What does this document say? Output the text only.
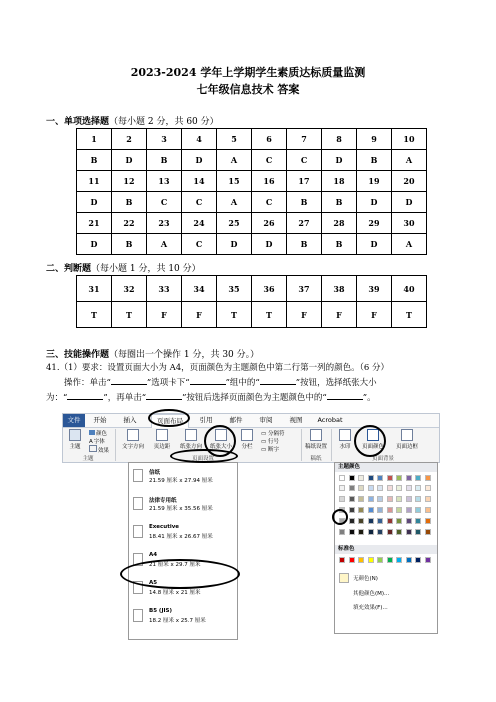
2023-2024 学年上学期学生素质达标质量监测
七年级信息技术 答案
一、单项选择题（每小题 2 分，共 60 分）
1	2	3	4	5	6	7	8	9	10
B	D	B	D	A	C	C	D	B	A
11	12	13	14	15	16	17	18	19	20
D	B	C	C	A	C	B	B	D	D
21	22	23	24	25	26	27	28	29	30
D	B	A	C	D	D	B	B	D	A
二、判断题（每小题 1 分，共 10 分）
31	32	33	34	35	36	37	38	39	40
T	T	F	F	T	T	F	F	F	T
三、技能操作题（每圈出一个操作 1 分，共 30 分。）
41.（1）要求：设置页面大小为 A4，页面颜色为主题颜色中第二行第一列的颜色。（6 分）
操作：单击“	”选项卡下“	”组中的“	”按钮，选择纸张大小
为：“	”，再单击“	”按钮后选择页面颜色为主题颜色中的“	”。
文件	开始	插入	页面布局	引用	邮件	审阅	视图	Acrobat
主题
颜色
A字体
效果
主题
文字方向	页边距	纸张方向	纸张大小	分栏
▭ 分隔符
▭ 行号
▭ 断字
页面设置
稿纸设置
稿纸
水印	页面颜色	页面边框
页面背景
信纸
21.59 厘米 x 27.94 厘米
法律专用纸
21.59 厘米 x 35.56 厘米
Executive
18.41 厘米 x 26.67 厘米
A4
21 厘米 x 29.7 厘米
A5
14.8 厘米 x 21 厘米
B5 (JIS)
18.2 厘米 x 25.7 厘米
主题颜色
标准色
无颜色(N)
其他颜色(M)...
填充效果(F)...
